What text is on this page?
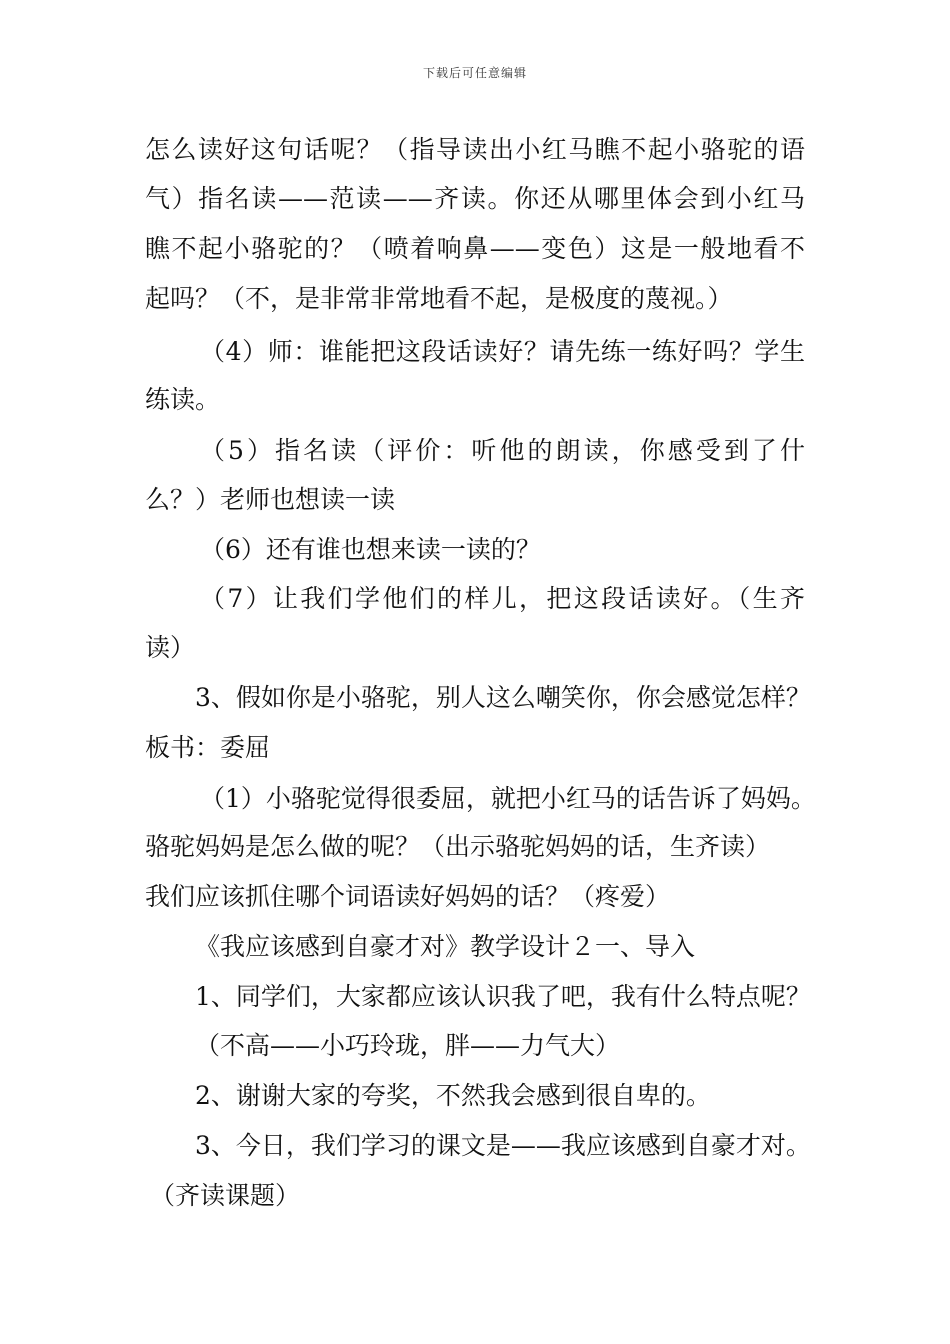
下载后可任意编辑
怎么读好这句话呢？（指导读出小红马瞧不起小骆驼的语
气）指名读——范读——齐读。你还从哪里体会到小红马
瞧不起小骆驼的？（喷着响鼻——变色）这是一般地看不
起吗？（不，是非常非常地看不起，是极度的蔑视。）
（4）师：谁能把这段话读好？请先练一练好吗？学生
练读。
（5）指名读（评价：听他的朗读，你感受到了什
么？）老师也想读一读
（6）还有谁也想来读一读的？
（7）让我们学他们的样儿，把这段话读好。（生齐
读）
3、假如你是小骆驼，别人这么嘲笑你，你会感觉怎样？
板书：委屈
（1）小骆驼觉得很委屈，就把小红马的话告诉了妈妈。
骆驼妈妈是怎么做的呢？（出示骆驼妈妈的话，生齐读）
我们应该抓住哪个词语读好妈妈的话？（疼爱）
《我应该感到自豪才对》教学设计２一、导入
1、同学们，大家都应该认识我了吧，我有什么特点呢？
（不高——小巧玲珑，胖——力气大）
2、谢谢大家的夸奖，不然我会感到很自卑的。
3、今日，我们学习的课文是——我应该感到自豪才对。
（齐读课题）
